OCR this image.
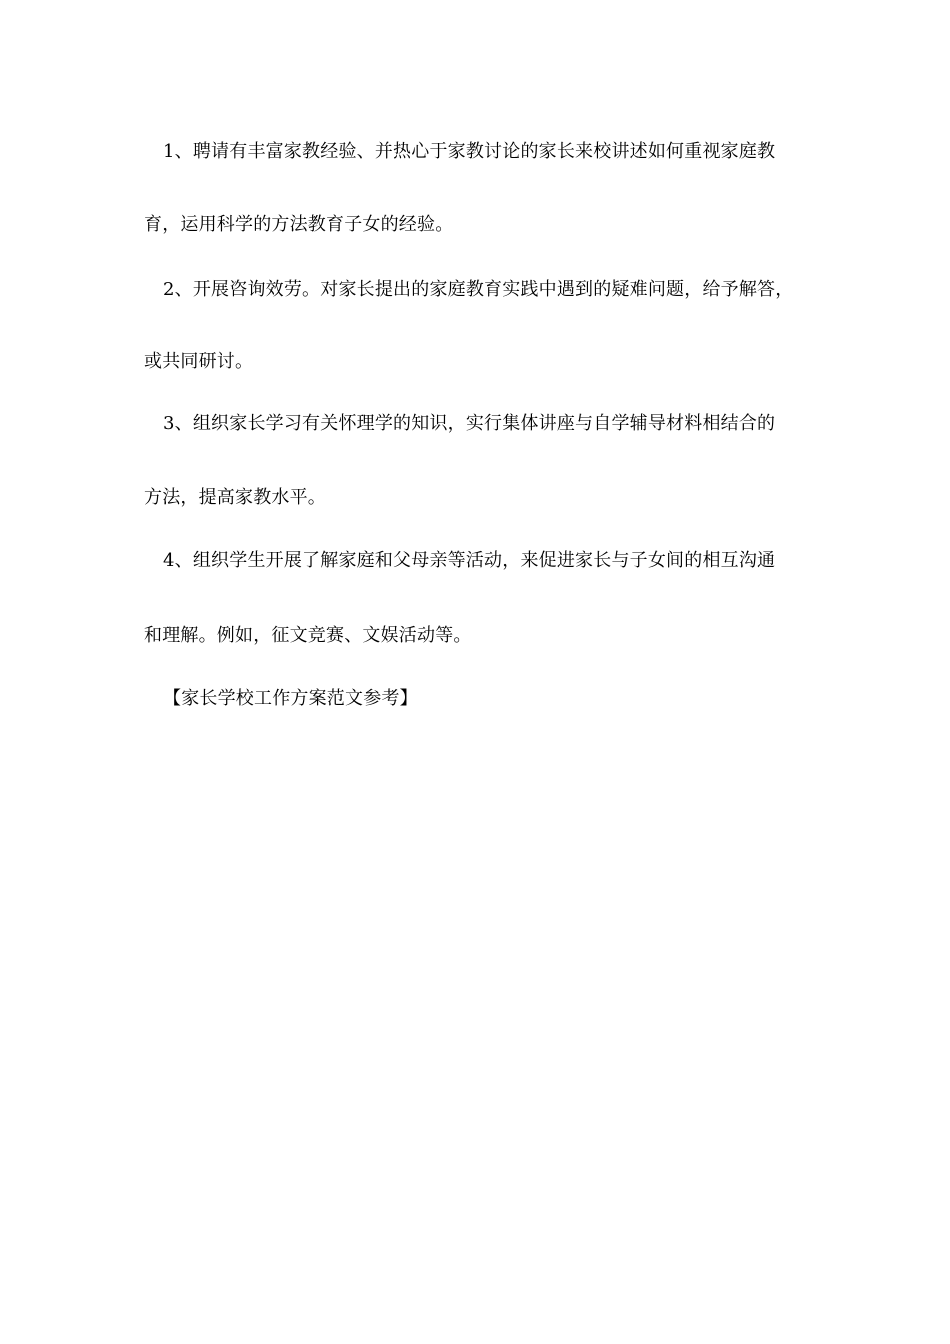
1、聘请有丰富家教经验、并热心于家教讨论的家长来校讲述如何重视家庭教
育，运用科学的方法教育子女的经验。
2、开展咨询效劳。对家长提出的家庭教育实践中遇到的疑难问题，给予解答，
或共同研讨。
3、组织家长学习有关怀理学的知识，实行集体讲座与自学辅导材料相结合的
方法，提高家教水平。
4、组织学生开展了解家庭和父母亲等活动，来促进家长与子女间的相互沟通
和理解。例如，征文竞赛、文娱活动等。
【家长学校工作方案范文参考】
